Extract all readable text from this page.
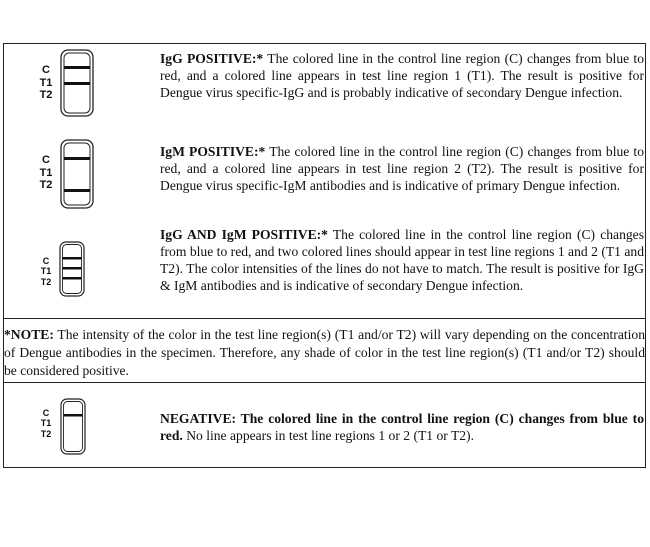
C
T1
T2
IgG POSITIVE:* The colored line in the control line region (C) changes from blue to red, and a colored line appears in test line region 1 (T1). The result is positive for Dengue virus specific-IgG and is probably indicative of secondary Dengue infection.
C
T1
T2
IgM POSITIVE:* The colored line in the control line region (C) changes from blue to red, and a colored line appears in test line region 2 (T2). The result is positive for Dengue virus specific-IgM antibodies and is indicative of primary Dengue infection.
C
T1
T2
IgG AND IgM POSITIVE:* The colored line in the control line region (C) changes from blue to red, and two colored lines should appear in test line regions 1 and 2 (T1 and T2). The color intensities of the lines do not have to match. The result is positive for IgG & IgM antibodies and is indicative of secondary Dengue infection.
*NOTE: The intensity of the color in the test line region(s) (T1 and/or T2) will vary depending on the concentration of Dengue antibodies in the specimen. Therefore, any shade of color in the test line region(s) (T1 and/or T2) should be considered positive.
C
T1
T2
NEGATIVE: The colored line in the control line region (C) changes from blue to red. No line appears in test line regions 1 or 2 (T1 or T2).
